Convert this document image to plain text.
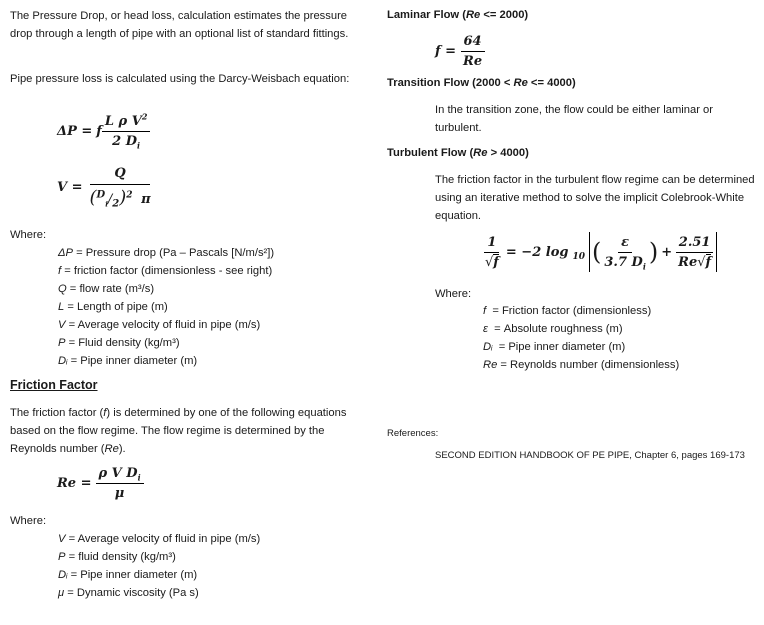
The Pressure Drop, or head loss, calculation estimates the pressure drop through a length of pipe with an optional list of standard fittings.
Pipe pressure loss is calculated using the Darcy-Weisbach equation:
ΔP = f $\frac{L \rho V^2}{2 D_i}$
$V = \frac{Q}{(^D_i/_2)^2 \pi}$
Where:
ΔP = Pressure drop (Pa – Pascals [N/m/s²])
f = friction factor (dimensionless - see right)
Q = flow rate (m³/s)
L = Length of pipe (m)
V = Average velocity of fluid in pipe (m/s)
P = Fluid density (kg/m³)
Dᵢ = Pipe inner diameter (m)
Friction Factor
The friction factor (f) is determined by one of the following equations based on the flow regime. The flow regime is determined by the Reynolds number (Re).
$Re = \frac{\rho V D_i}{\mu}$
Where:
V = Average velocity of fluid in pipe (m/s)
P = fluid density (kg/m³)
Dᵢ = Pipe inner diameter (m)
μ = Dynamic viscosity (Pa s)
Laminar Flow (Re <= 2000)
$f = \frac{64}{Re}$
Transition Flow (2000 < Re <= 4000)
In the transition zone, the flow could be either laminar or turbulent.
Turbulent Flow (Re > 4000)
The friction factor in the turbulent flow regime can be determined using an iterative method to solve the implicit Colebrook-White equation.
$\frac{1}{√f} = -2$ log 10 ( $\frac{\varepsilon}{3.7 D_i}$ ) + $\frac{2.51}{Re√f}$
Where:
f  = Friction factor (dimensionless)
ε  = Absolute roughness (m)
Dᵢ  = Pipe inner diameter (m)
Re = Reynolds number (dimensionless)
References:
SECOND EDITION HANDBOOK OF PE PIPE, Chapter 6, pages 169-173
